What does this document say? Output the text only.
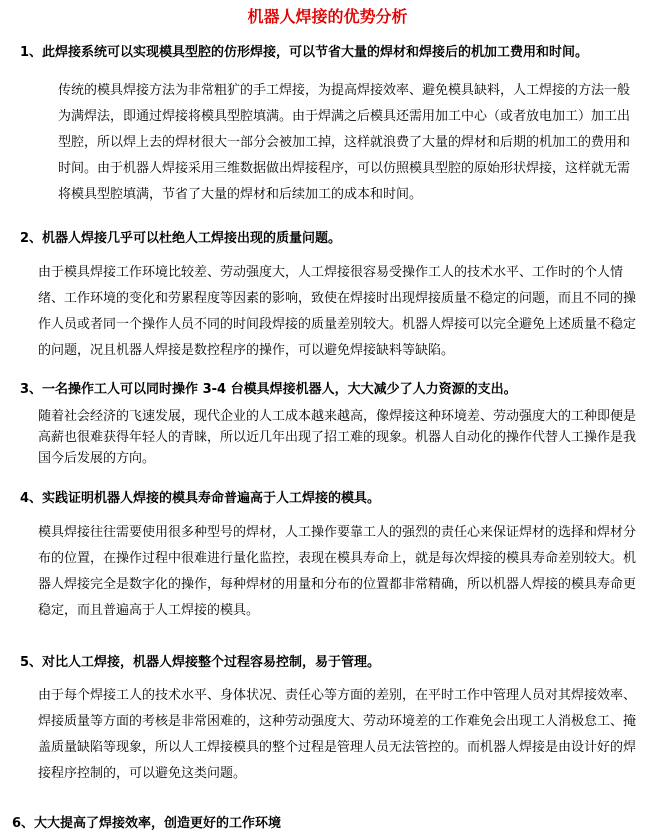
机器人焊接的优势分析
1、此焊接系统可以实现模具型腔的仿形焊接，可以节省大量的焊材和焊接后的机加工费用和时间。
传统的模具焊接方法为非常粗犷的手工焊接，为提高焊接效率、避免模具缺料，人工焊接的方法一般为满焊法，即通过焊接将模具型腔填满。由于焊满之后模具还需用加工中心（或者放电加工）加工出型腔，所以焊上去的焊材很大一部分会被加工掉，这样就浪费了大量的焊材和后期的机加工的费用和时间。由于机器人焊接采用三维数据做出焊接程序，可以仿照模具型腔的原始形状焊接，这样就无需将模具型腔填满，节省了大量的焊材和后续加工的成本和时间。
2、机器人焊接几乎可以杜绝人工焊接出现的质量问题。
由于模具焊接工作环境比较差、劳动强度大，人工焊接很容易受操作工人的技术水平、工作时的个人情绪、工作环境的变化和劳累程度等因素的影响，致使在焊接时出现焊接质量不稳定的问题，而且不同的操作人员或者同一个操作人员不同的时间段焊接的质量差别较大。机器人焊接可以完全避免上述质量不稳定的问题，况且机器人焊接是数控程序的操作，可以避免焊接缺料等缺陷。
3、一名操作工人可以同时操作 3-4 台模具焊接机器人，大大减少了人力资源的支出。
随着社会经济的飞速发展，现代企业的人工成本越来越高，像焊接这种环境差、劳动强度大的工种即便是高薪也很难获得年轻人的青睐，所以近几年出现了招工难的现象。机器人自动化的操作代替人工操作是我国今后发展的方向。
4、实践证明机器人焊接的模具寿命普遍高于人工焊接的模具。
模具焊接往往需要使用很多种型号的焊材，人工操作要靠工人的强烈的责任心来保证焊材的选择和焊材分布的位置，在操作过程中很难进行量化监控，表现在模具寿命上，就是每次焊接的模具寿命差别较大。机器人焊接完全是数字化的操作，每种焊材的用量和分布的位置都非常精确，所以机器人焊接的模具寿命更稳定，而且普遍高于人工焊接的模具。
5、对比人工焊接，机器人焊接整个过程容易控制，易于管理。
由于每个焊接工人的技术水平、身体状况、责任心等方面的差别，在平时工作中管理人员对其焊接效率、焊接质量等方面的考核是非常困难的，这种劳动强度大、劳动环境差的工作难免会出现工人消极怠工、掩盖质量缺陷等现象，所以人工焊接模具的整个过程是管理人员无法管控的。而机器人焊接是由设计好的焊接程序控制的，可以避免这类问题。
6、大大提高了焊接效率，创造更好的工作环境
